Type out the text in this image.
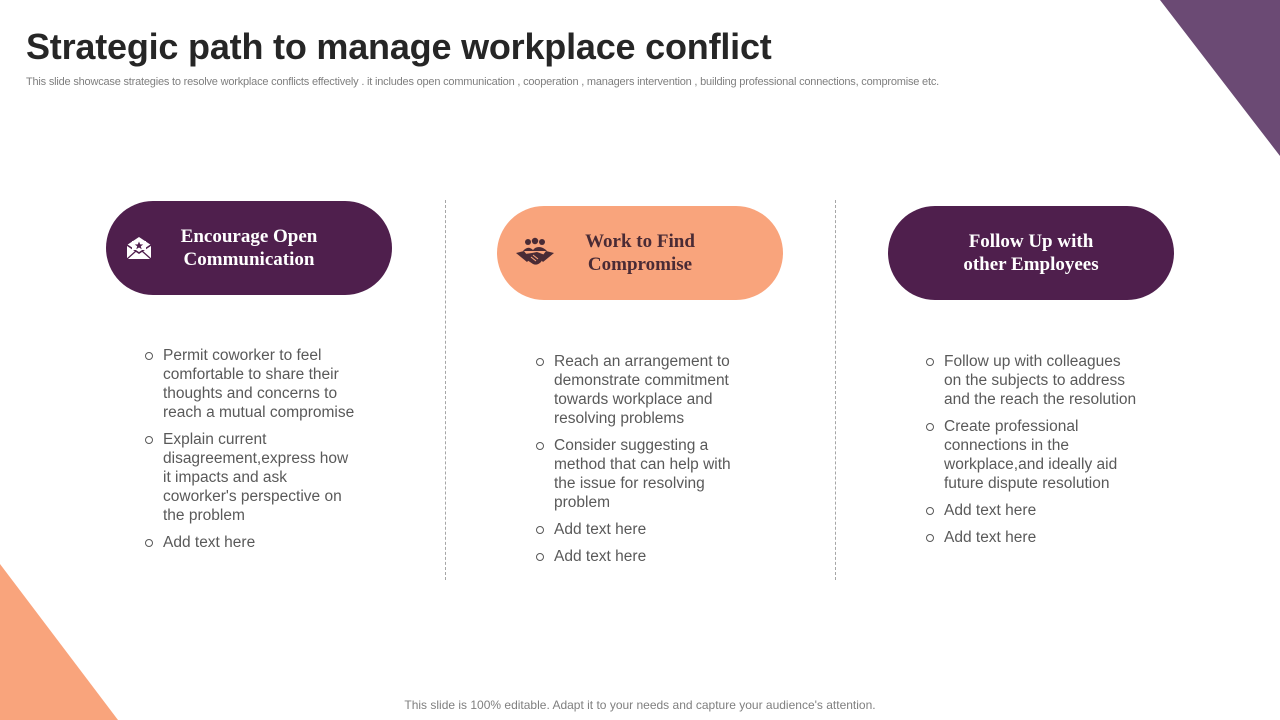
Strategic path to manage workplace conflict

This slide showcase strategies to resolve workplace conflicts effectively . it includes open communication , cooperation , managers intervention , building professional connections, compromise etc.

Encourage Open
Communication
Permit coworker to feel comfortable to share their thoughts and concerns to reach a mutual compromise
Explain current disagreement,express how it impacts and ask coworker's perspective on the problem
Add text here
Work to Find
Compromise
Reach an arrangement to demonstrate commitment towards workplace and resolving problems
Consider suggesting a method that can help with the issue for resolving problem
Add text here
Add text here
Follow Up with
other Employees
Follow up with colleagues on the subjects to address and the reach the resolution
Create professional connections in the workplace,and ideally aid future dispute resolution
Add text here
Add text here

This slide is 100% editable. Adapt it to your needs and capture your audience's attention.
